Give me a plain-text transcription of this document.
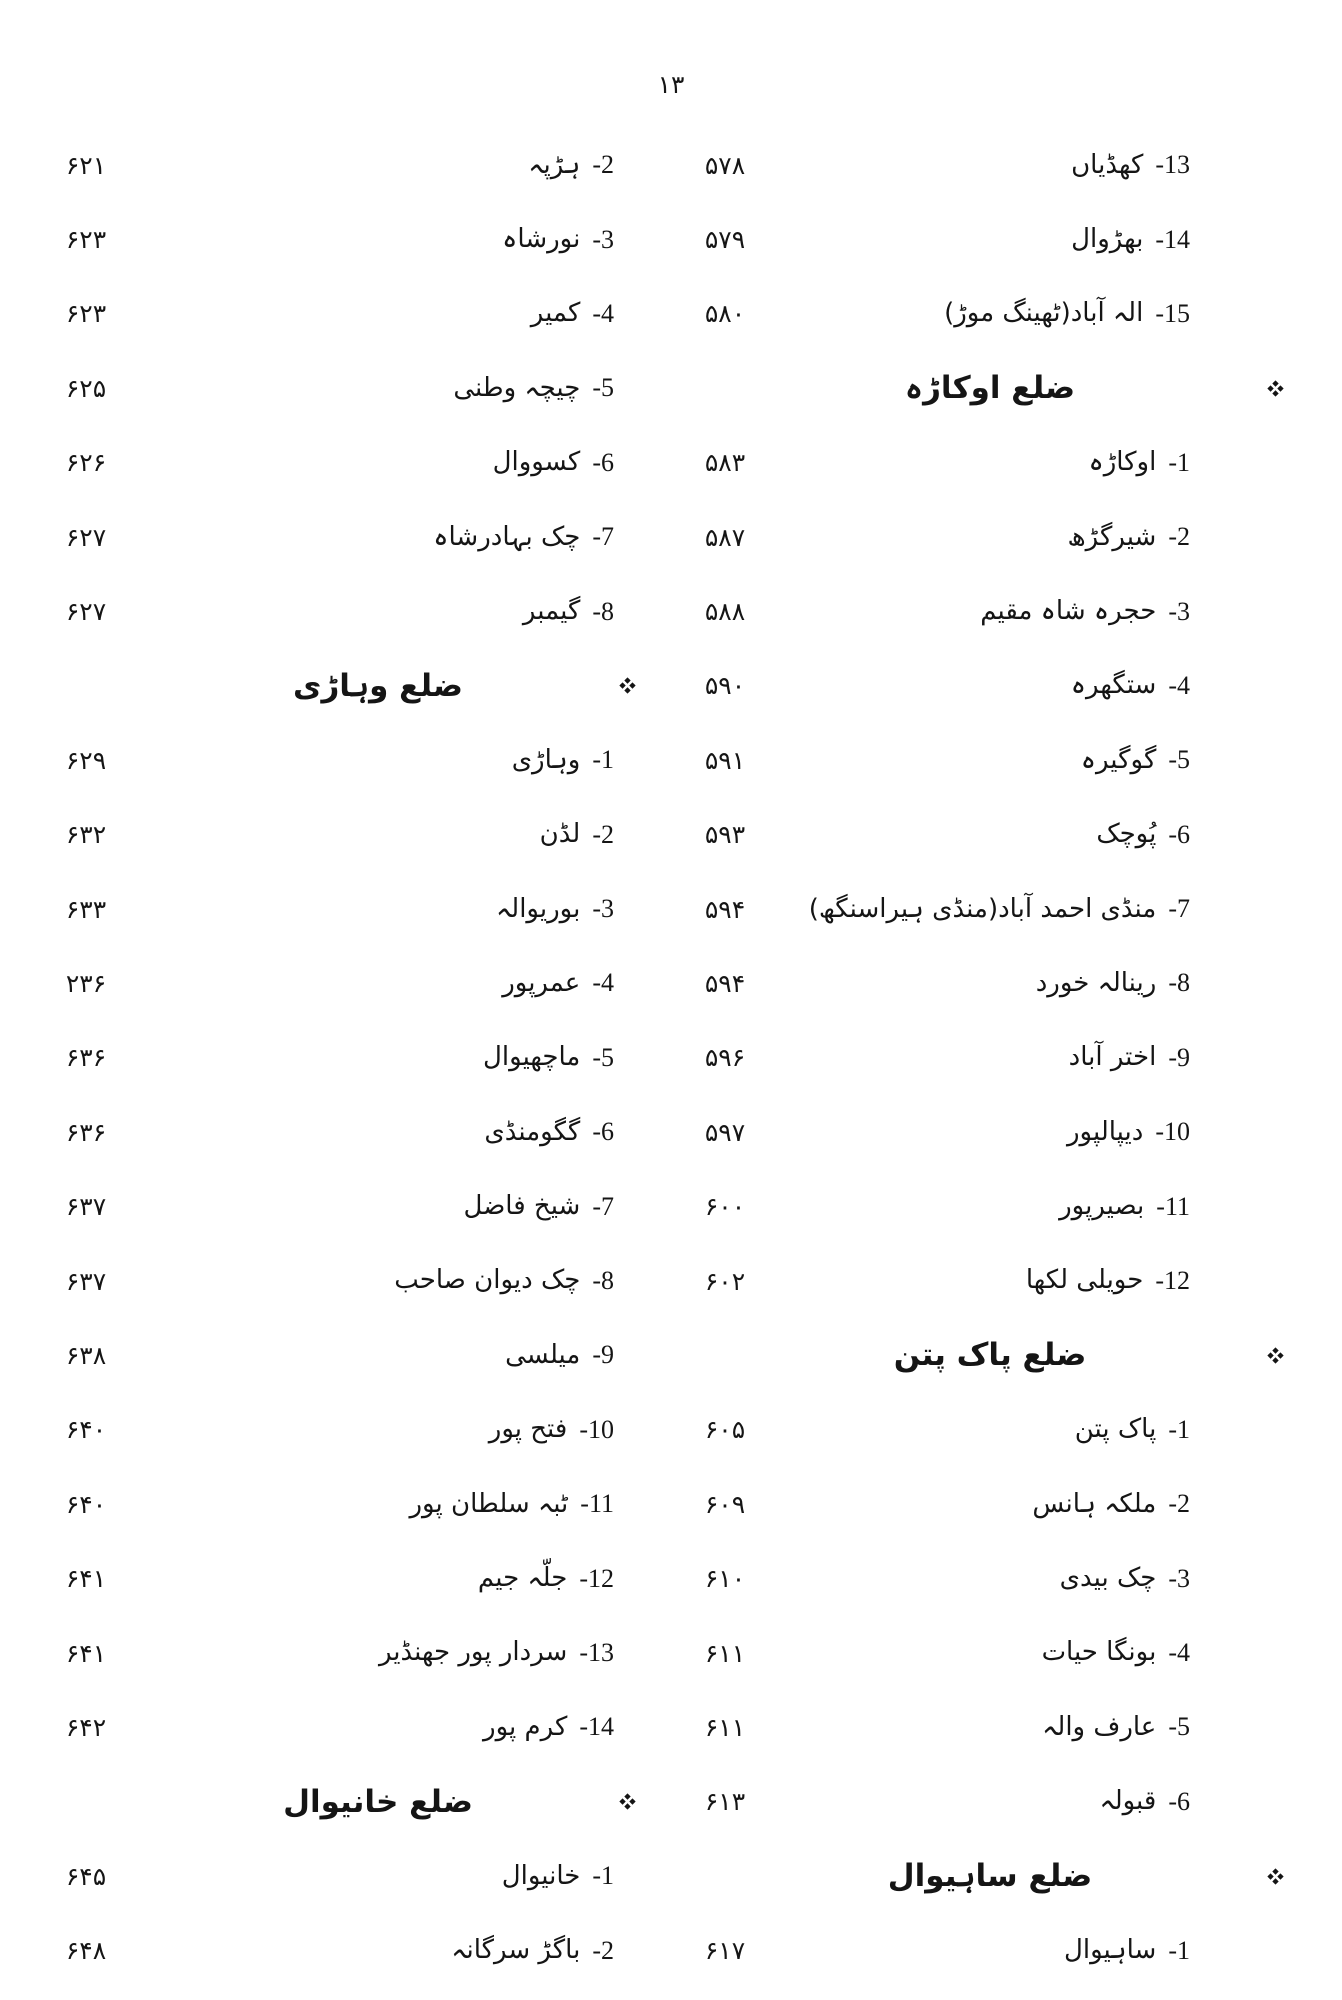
۱۳
-13
کھڈیاں
۵۷۸
-14
بھڑوال
۵۷۹
-15
الہ آباد(ٹھینگ موڑ)
۵۸۰
ضلع اوکاڑہ
-1
اوکاڑہ
۵۸۳
-2
شیرگڑھ
۵۸۷
-3
حجرہ شاہ مقیم
۵۸۸
-4
ستگھرہ
۵۹۰
-5
گوگیرہ
۵۹۱
-6
پُوچک
۵۹۳
-7
منڈی احمد آباد(منڈی ہیراسنگھ)
۵۹۴
-8
رینالہ خورد
۵۹۴
-9
اختر آباد
۵۹۶
-10
دیپالپور
۵۹۷
-11
بصیرپور
۶۰۰
-12
حویلی لکھا
۶۰۲
ضلع پاک پتن
-1
پاک پتن
۶۰۵
-2
ملکہ ہانس
۶۰۹
-3
چک بیدی
۶۱۰
-4
بونگا حیات
۶۱۱
-5
عارف والہ
۶۱۱
-6
قبولہ
۶۱۳
ضلع ساہیوال
-1
ساہیوال
۶۱۷
-2
ہڑپہ
۶۲۱
-3
نورشاہ
۶۲۳
-4
کمیر
۶۲۳
-5
چیچہ وطنی
۶۲۵
-6
کسووال
۶۲۶
-7
چک بہادرشاہ
۶۲۷
-8
گیمبر
۶۲۷
ضلع وہاڑی
-1
وہاڑی
۶۲۹
-2
لڈن
۶۳۲
-3
بوریوالہ
۶۳۳
-4
عمرپور
۲۳۶
-5
ماچھیوال
۶۳۶
-6
گگومنڈی
۶۳۶
-7
شیخ فاضل
۶۳۷
-8
چک دیوان صاحب
۶۳۷
-9
میلسی
۶۳۸
-10
فتح پور
۶۴۰
-11
ٹبہ سلطان پور
۶۴۰
-12
جلّہ جیم
۶۴۱
-13
سردار پور جھنڈیر
۶۴۱
-14
کرم پور
۶۴۲
ضلع خانیوال
-1
خانیوال
۶۴۵
-2
باگڑ سرگانہ
۶۴۸
